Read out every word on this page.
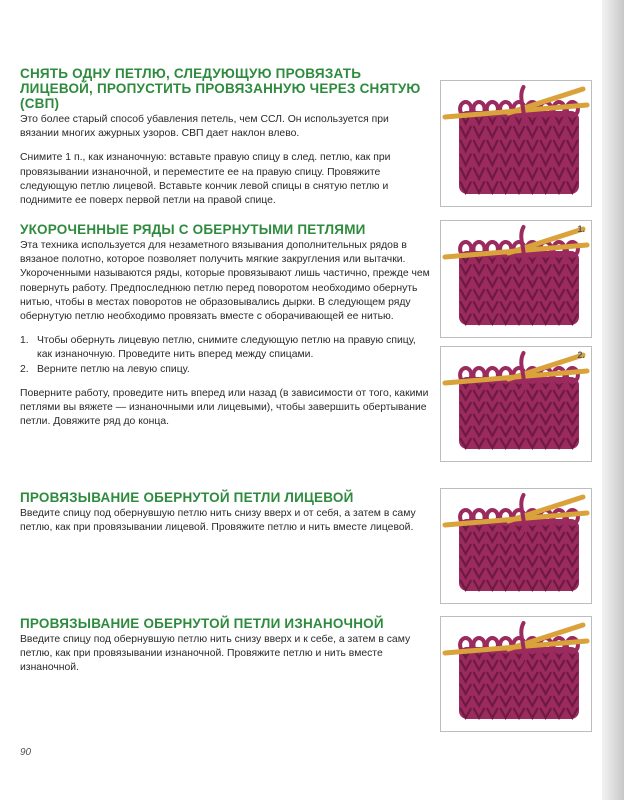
СНЯТЬ ОДНУ ПЕТЛЮ, СЛЕДУЮЩУЮ ПРОВЯЗАТЬ ЛИЦЕВОЙ, ПРОПУСТИТЬ ПРОВЯЗАННУЮ ЧЕРЕЗ СНЯТУЮ (СВП)

Это более старый способ убавления петель, чем ССЛ. Он используется при вязании многих ажурных узоров. СВП дает наклон влево.

Снимите 1 п., как изнаночную: вставьте правую спицу в след. петлю, как при провязывании изнаночной, и переместите ее на правую спицу. Провяжите следующую петлю лицевой. Вставьте кончик левой спицы в снятую петлю и поднимите ее поверх первой петли на правой спице.

УКОРОЧЕННЫЕ РЯДЫ С ОБЕРНУТЫМИ ПЕТЛЯМИ

Эта техника используется для незаметного вязывания дополнительных рядов в вязаное полотно, которое позволяет получить мягкие закругления или вытачки. Укороченными называются ряды, которые провязывают лишь частично, прежде чем повернуть работу. Предпоследнюю петлю перед поворотом необходимо обернуть нитью, чтобы в местах поворотов не образовывались дырки. В следующем ряду обернутую петлю необходимо провязать вместе с оборачивающей ее нитью.

1. Чтобы обернуть лицевую петлю, снимите следующую петлю на правую спицу, как изнаночную. Проведите нить вперед между спицами.
2. Верните петлю на левую спицу.

Поверните работу, проведите нить вперед или назад (в зависимости от того, какими петлями вы вяжете — изнаночными или лицевыми), чтобы завершить обертывание петли. Довяжите ряд до конца.

ПРОВЯЗЫВАНИЕ ОБЕРНУТОЙ ПЕТЛИ ЛИЦЕВОЙ

Введите спицу под обернувшую петлю нить снизу вверх и от себя, а затем в саму петлю, как при провязывании лицевой. Провяжите петлю и нить вместе лицевой.

ПРОВЯЗЫВАНИЕ ОБЕРНУТОЙ ПЕТЛИ ИЗНАНОЧНОЙ

Введите спицу под обернувшую петлю нить снизу вверх и к себе, а затем в саму петлю, как при провязывании изнаночной. Провяжите петлю и нить вместе изнаночной.

1.
2.
90
